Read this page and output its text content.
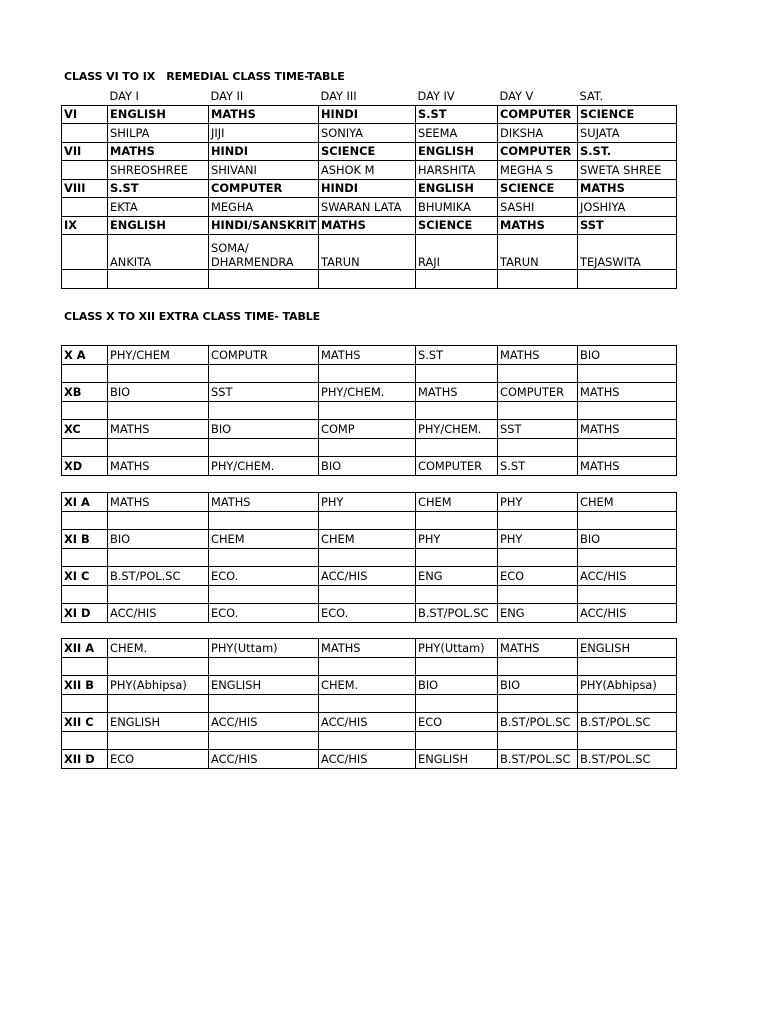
CLASS VI TO IX   REMEDIAL CLASS TIME-TABLE
	DAY I	DAY II	DAY III	DAY IV	DAY V	SAT.
VI	ENGLISH	MATHS	HINDI	S.ST	COMPUTER	SCIENCE
	SHILPA	JIJI	SONIYA	SEEMA	DIKSHA	SUJATA
VII	MATHS	HINDI	SCIENCE	ENGLISH	COMPUTER	S.ST.
	SHREOSHREE	SHIVANI	ASHOK M	HARSHITA	MEGHA S	SWETA SHREE
VIII	S.ST	COMPUTER	HINDI	ENGLISH	SCIENCE	MATHS
	EKTA	MEGHA	SWARAN LATA	BHUMIKA	SASHI	JOSHIYA
IX	ENGLISH	HINDI/SANSKRIT	MATHS	SCIENCE	MATHS	SST
	ANKITA	SOMA/ DHARMENDRA	TARUN	RAJI	TARUN	TEJASWITA

CLASS X TO XII EXTRA CLASS TIME- TABLE
X A	PHY/CHEM	COMPUTR	MATHS	S.ST	MATHS	BIO

XB	BIO	SST	PHY/CHEM.	MATHS	COMPUTER	MATHS

XC	MATHS	BIO	COMP	PHY/CHEM.	SST	MATHS

XD	MATHS	PHY/CHEM.	BIO	COMPUTER	S.ST	MATHS
XI A	MATHS	MATHS	PHY	CHEM	PHY	CHEM

XI B	BIO	CHEM	CHEM	PHY	PHY	BIO

XI C	B.ST/POL.SC	ECO.	ACC/HIS	ENG	ECO	ACC/HIS

XI D	ACC/HIS	ECO.	ECO.	B.ST/POL.SC	ENG	ACC/HIS
XII A	CHEM.	PHY(Uttam)	MATHS	PHY(Uttam)	MATHS	ENGLISH

XII B	PHY(Abhipsa)	ENGLISH	CHEM.	BIO	BIO	PHY(Abhipsa)

XII C	ENGLISH	ACC/HIS	ACC/HIS	ECO	B.ST/POL.SC	B.ST/POL.SC

XII D	ECO	ACC/HIS	ACC/HIS	ENGLISH	B.ST/POL.SC	B.ST/POL.SC
